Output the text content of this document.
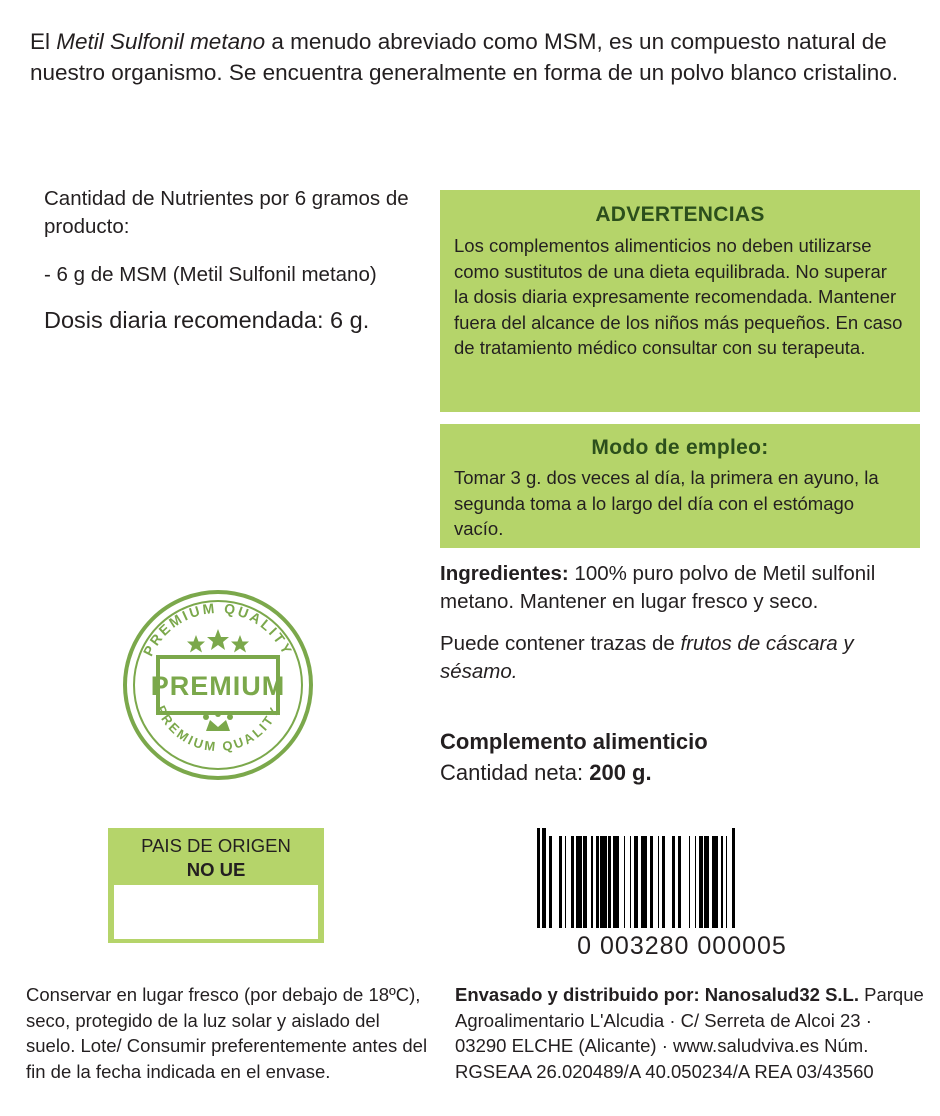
El Metil Sulfonil metano a menudo abreviado como MSM, es un compuesto natural de nuestro organismo. Se encuentra generalmente en forma de un polvo blanco cristalino.
Cantidad de Nutrientes por 6 gramos de producto:
- 6 g de MSM (Metil Sulfonil metano)
Dosis diaria recomendada: 6 g.
ADVERTENCIAS
Los complementos alimenticios no deben utilizarse como sustitutos de una dieta equilibrada. No superar la dosis diaria expresamente recomendada. Mantener fuera del alcance de los niños más pequeños. En caso de tratamiento médico consultar con su terapeuta.
Modo de empleo:
Tomar 3 g. dos veces al día, la primera en ayuno, la segunda toma a lo largo del día con el estómago vacío.
Ingredientes: 100% puro polvo de Metil sulfonil metano. Mantener en lugar fresco y seco.
Puede contener trazas de frutos de cáscara y sésamo.
Complemento alimenticio
Cantidad neta: 200 g.
PREMIUM QUALITY
PREMIUM QUALITY
PREMIUM
PAIS DE ORIGEN
NO UE
0 003280 000005
Conservar en lugar fresco (por debajo de 18ºC), seco, protegido de la luz solar y aislado del suelo. Lote/ Consumir preferentemente antes del fin de la fecha indicada en el envase.
Envasado y distribuido por: Nanosalud32 S.L. Parque Agroalimentario L'Alcudia · C/ Serreta de Alcoi 23 · 03290 ELCHE (Alicante) · www.saludviva.es Núm. RGSEAA 26.020489/A 40.050234/A REA 03/43560
